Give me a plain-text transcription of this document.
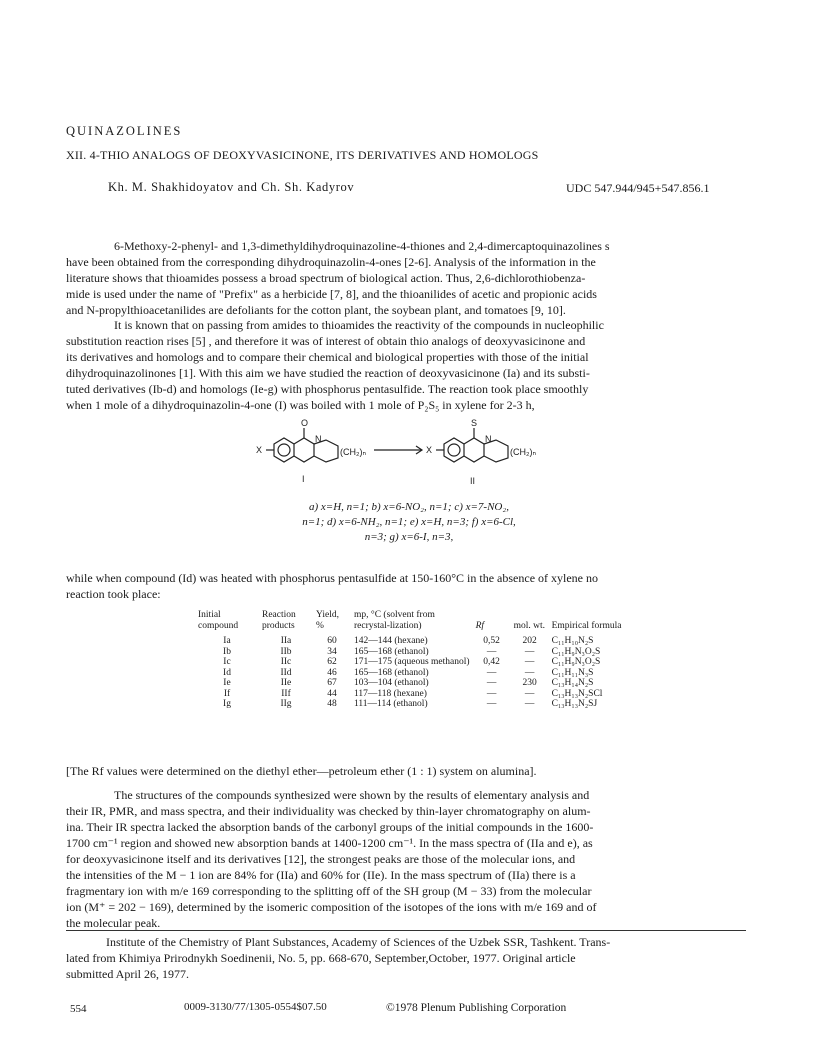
QUINAZOLINES
XII. 4-THIO ANALOGS OF DEOXYVASICINONE, ITS DERIVATIVES AND HOMOLOGS
Kh. M. Shakhidoyatov and Ch. Sh. Kadyrov	UDC 547.944/945+547.856.1

6-Methoxy-2-phenyl- and 1,3-dimethyldihydroquinazoline-4-thiones and 2,4-dimercaptoquinazolines s
have been obtained from the corresponding dihydroquinazolin-4-ones [2-6]. Analysis of the information in the
literature shows that thioamides possess a broad spectrum of biological action. Thus, 2,6-dichlorothiobenza-
mide is used under the name of "Prefix" as a herbicide [7, 8], and the thioanilides of acetic and propionic acids
and N-propylthioacetanilides are defoliants for the cotton plant, the soybean plant, and tomatoes [9, 10].

It is known that on passing from amides to thioamides the reactivity of the compounds in nucleophilic
substitution reaction rises [5] , and therefore it was of interest of obtain thio analogs of deoxyvasicinone and
its derivatives and homologs and to compare their chemical and biological properties with those of the initial
dihydroquinazolinones [1]. With this aim we have studied the reaction of deoxyvasicinone (Ia) and its substi-
tuted derivatives (Ib-d) and homologs (Ie-g) with phosphorus pentasulfide. The reaction took place smoothly
when 1 mole of a dihydroquinazolin-4-one (I) was boiled with 1 mole of P₂S₅ in xylene for 2-3 h,

X
O
N
(CH₂)ₙ
I
X
S
N
(CH₂)ₙ
II
a) x=H, n=1; b) x=6-NO₂, n=1; c) x=7-NO₂,
n=1; d) x=6-NH₂, n=1; e) x=H, n=3; f) x=6-Cl,
n=3; g) x=6-I, n=3,

while when compound (Id) was heated with phosphorus pentasulfide at 150-160°C in the absence of xylene no
reaction took place:

Initial compound	Reaction products	Yield, %	mp, °C (solvent from recrystal-lization)	Rf	mol. wt.	Empirical formula
Ia	IIa	60	142—144 (hexane)	0,52	202	C₁₁H₁₀N₂S
Ib	IIb	34	165—168 (ethanol)	—	—	C₁₁H₉N₃O₂S
Ic	IIc	62	171—175 (aqueous methanol)	0,42	—	C₁₁H₉N₃O₂S
Id	IId	46	165—168 (ethanol)	—	—	C₁₁H₁₁N₃S
Ie	IIe	67	103—104 (ethanol)	—	230	C₁₃H₁₄N₂S
If	IIf	44	117—118 (hexane)	—	—	C₁₃H₁₃N₂SCl
Ig	IIg	48	111—114 (ethanol)	—	—	C₁₃H₁₃N₂SJ
[The Rf values were determined on the diethyl ether—petroleum ether (1 : 1) system on alumina].

The structures of the compounds synthesized were shown by the results of elementary analysis and
their IR, PMR, and mass spectra, and their individuality was checked by thin-layer chromatography on alum-
ina. Their IR spectra lacked the absorption bands of the carbonyl groups of the initial compounds in the 1600-
1700 cm⁻¹ region and showed new absorption bands at 1400-1200 cm⁻¹. In the mass spectra of (IIa and e), as
for deoxyvasicinone itself and its derivatives [12], the strongest peaks are those of the molecular ions, and
the intensities of the M − 1 ion are 84% for (IIa) and 60% for (IIe). In the mass spectrum of (IIa) there is a
fragmentary ion with m/e 169 corresponding to the splitting off of the SH group (M − 33) from the molecular
ion (M⁺ = 202 − 169), determined by the isomeric composition of the isotopes of the ions with m/e 169 and of
the molecular peak.

Institute of the Chemistry of Plant Substances, Academy of Sciences of the Uzbek SSR, Tashkent. Trans-
lated from Khimiya Prirodnykh Soedinenii, No. 5, pp. 668-670, September,October, 1977. Original article
submitted April 26, 1977.
554	0009-3130/77/1305-0554$07.50	©1978 Plenum Publishing Corporation
